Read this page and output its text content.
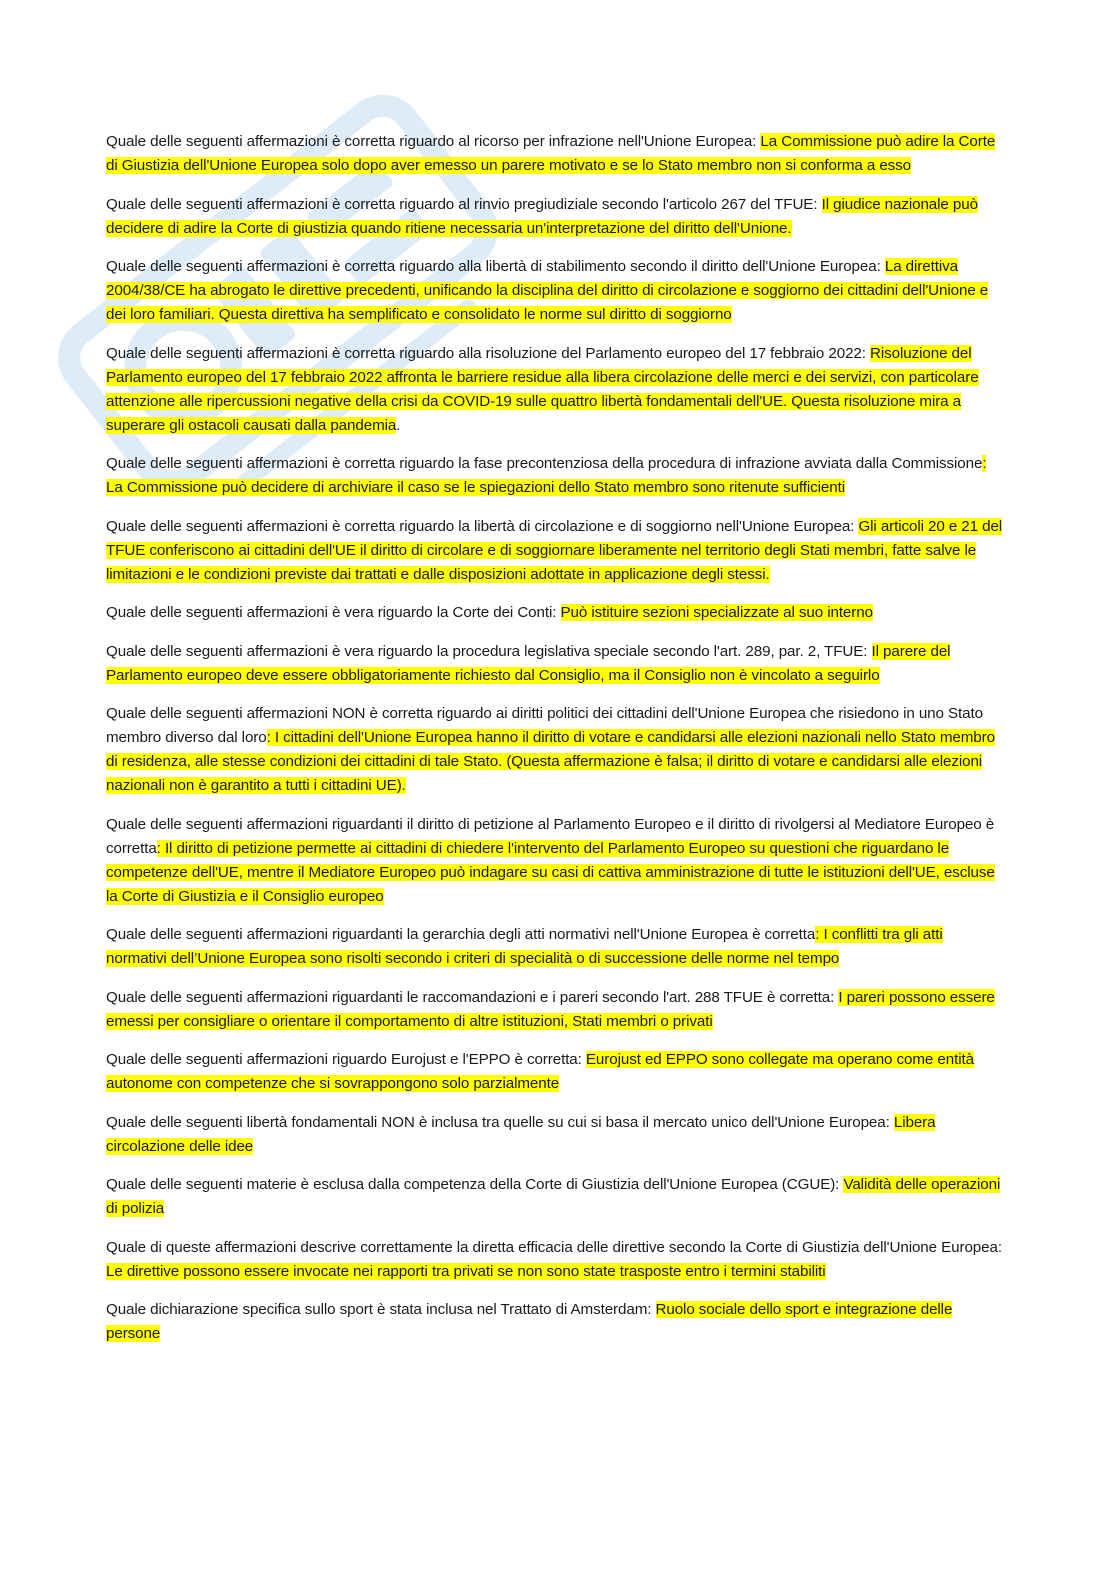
Quale delle seguenti affermazioni è corretta riguardo al ricorso per infrazione nell'Unione Europea: La Commissione può adire la Corte di Giustizia dell'Unione Europea solo dopo aver emesso un parere motivato e se lo Stato membro non si conforma a esso

Quale delle seguenti affermazioni è corretta riguardo al rinvio pregiudiziale secondo l'articolo 267 del TFUE: Il giudice nazionale può decidere di adire la Corte di giustizia quando ritiene necessaria un'interpretazione del diritto dell'Unione.

Quale delle seguenti affermazioni è corretta riguardo alla libertà di stabilimento secondo il diritto dell'Unione Europea: La direttiva 2004/38/CE ha abrogato le direttive precedenti, unificando la disciplina del diritto di circolazione e soggiorno dei cittadini dell'Unione e dei loro familiari. Questa direttiva ha semplificato e consolidato le norme sul diritto di soggiorno

Quale delle seguenti affermazioni è corretta riguardo alla risoluzione del Parlamento europeo del 17 febbraio 2022: Risoluzione del Parlamento europeo del 17 febbraio 2022 affronta le barriere residue alla libera circolazione delle merci e dei servizi, con particolare attenzione alle ripercussioni negative della crisi da COVID-19 sulle quattro libertà fondamentali dell'UE. Questa risoluzione mira a superare gli ostacoli causati dalla pandemia.

Quale delle seguenti affermazioni è corretta riguardo la fase precontenziosa della procedura di infrazione avviata dalla Commissione: La Commissione può decidere di archiviare il caso se le spiegazioni dello Stato membro sono ritenute sufficienti

Quale delle seguenti affermazioni è corretta riguardo la libertà di circolazione e di soggiorno nell'Unione Europea: Gli articoli 20 e 21 del TFUE conferiscono ai cittadini dell'UE il diritto di circolare e di soggiornare liberamente nel territorio degli Stati membri, fatte salve le limitazioni e le condizioni previste dai trattati e dalle disposizioni adottate in applicazione degli stessi.

Quale delle seguenti affermazioni è vera riguardo la Corte dei Conti: Può istituire sezioni specializzate al suo interno

Quale delle seguenti affermazioni è vera riguardo la procedura legislativa speciale secondo l'art. 289, par. 2, TFUE: Il parere del Parlamento europeo deve essere obbligatoriamente richiesto dal Consiglio, ma il Consiglio non è vincolato a seguirlo

Quale delle seguenti affermazioni NON è corretta riguardo ai diritti politici dei cittadini dell'Unione Europea che risiedono in uno Stato membro diverso dal loro: I cittadini dell'Unione Europea hanno il diritto di votare e candidarsi alle elezioni nazionali nello Stato membro di residenza, alle stesse condizioni dei cittadini di tale Stato. (Questa affermazione è falsa; il diritto di votare e candidarsi alle elezioni nazionali non è garantito a tutti i cittadini UE).

Quale delle seguenti affermazioni riguardanti il diritto di petizione al Parlamento Europeo e il diritto di rivolgersi al Mediatore Europeo è corretta: Il diritto di petizione permette ai cittadini di chiedere l'intervento del Parlamento Europeo su questioni che riguardano le competenze dell'UE, mentre il Mediatore Europeo può indagare su casi di cattiva amministrazione di tutte le istituzioni dell'UE, escluse la Corte di Giustizia e il Consiglio europeo

Quale delle seguenti affermazioni riguardanti la gerarchia degli atti normativi nell'Unione Europea è corretta: I conflitti tra gli atti normativi dell’Unione Europea sono risolti secondo i criteri di specialità o di successione delle norme nel tempo

Quale delle seguenti affermazioni riguardanti le raccomandazioni e i pareri secondo l'art. 288 TFUE è corretta: I pareri possono essere emessi per consigliare o orientare il comportamento di altre istituzioni, Stati membri o privati

Quale delle seguenti affermazioni riguardo Eurojust e l'EPPO è corretta: Eurojust ed EPPO sono collegate ma operano come entità autonome con competenze che si sovrappongono solo parzialmente

Quale delle seguenti libertà fondamentali NON è inclusa tra quelle su cui si basa il mercato unico dell'Unione Europea: Libera circolazione delle idee

Quale delle seguenti materie è esclusa dalla competenza della Corte di Giustizia dell'Unione Europea (CGUE): Validità delle operazioni di polizia

Quale di queste affermazioni descrive correttamente la diretta efficacia delle direttive secondo la Corte di Giustizia dell'Unione Europea: Le direttive possono essere invocate nei rapporti tra privati se non sono state trasposte entro i termini stabiliti

Quale dichiarazione specifica sullo sport è stata inclusa nel Trattato di Amsterdam: Ruolo sociale dello sport e integrazione delle persone
